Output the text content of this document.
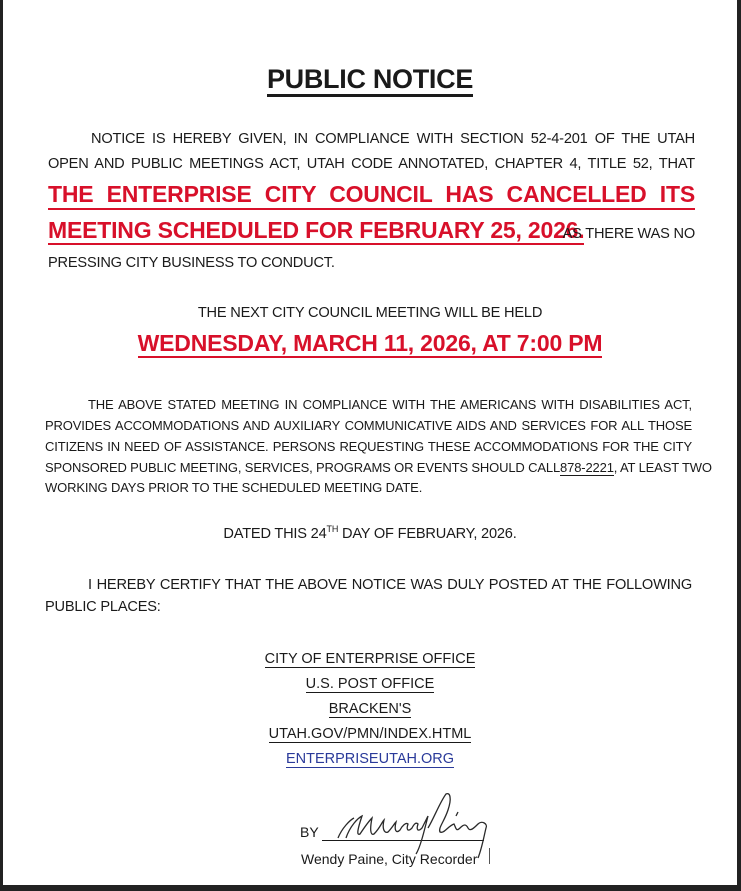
PUBLIC NOTICE
NOTICE IS HEREBY GIVEN, IN COMPLIANCE WITH SECTION 52-4-201 OF THE UTAH
OPEN AND PUBLIC MEETINGS ACT, UTAH CODE ANNOTATED, CHAPTER 4, TITLE 52, THAT
THE ENTERPRISE CITY COUNCIL HAS CANCELLED ITS
MEETING SCHEDULED FOR FEBRUARY 25, 2026.
AS THERE WAS NO
PRESSING CITY BUSINESS TO CONDUCT.
THE NEXT CITY COUNCIL MEETING WILL BE HELD
WEDNESDAY, MARCH 11, 2026, AT 7:00 PM
THE ABOVE STATED MEETING IN COMPLIANCE WITH THE AMERICANS WITH DISABILITIES ACT,
PROVIDES ACCOMMODATIONS AND AUXILIARY COMMUNICATIVE AIDS AND SERVICES FOR ALL THOSE
CITIZENS IN NEED OF ASSISTANCE. PERSONS REQUESTING THESE ACCOMMODATIONS FOR THE CITY
SPONSORED PUBLIC MEETING, SERVICES, PROGRAMS OR EVENTS SHOULD CALL 878-2221, AT LEAST TWO
WORKING DAYS PRIOR TO THE SCHEDULED MEETING DATE.
DATED THIS 24TH DAY OF FEBRUARY, 2026.
I HEREBY CERTIFY THAT THE ABOVE NOTICE WAS DULY POSTED AT THE FOLLOWING
PUBLIC PLACES:
CITY OF ENTERPRISE OFFICE
U.S. POST OFFICE
BRACKEN'S
UTAH.GOV/PMN/INDEX.HTML
ENTERPRISEUTAH.ORG
BY
Wendy Paine, City Recorder
